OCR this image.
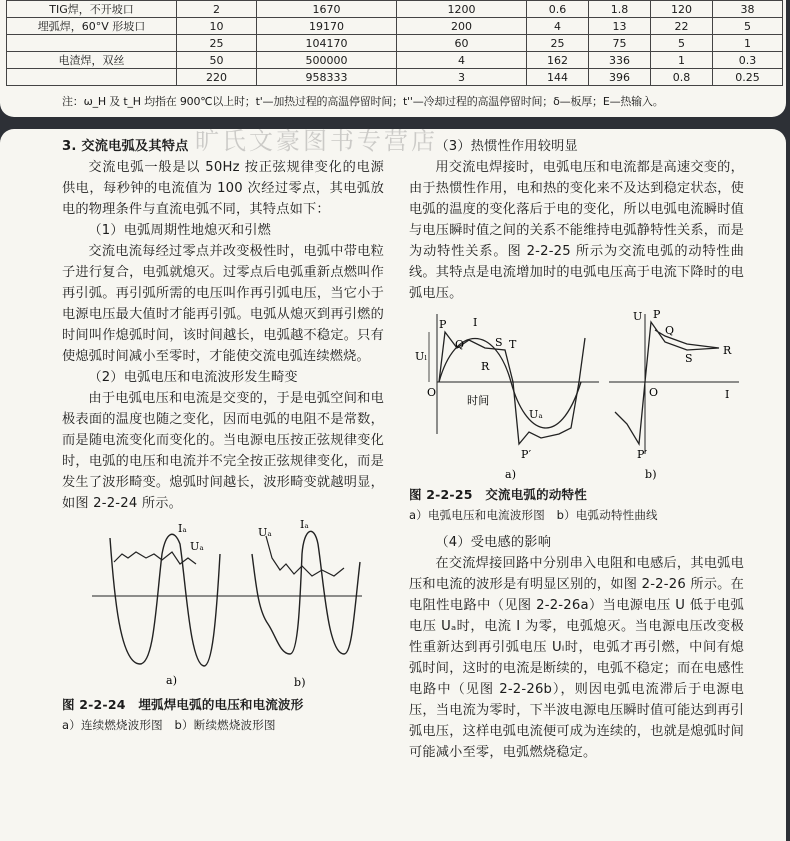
TIG焊，不开坡口	2	1670	1200	0.6	1.8	120	38
埋弧焊，60°V 形坡口	10	19170	200	4	13	22	5
	25	104170	60	25	75	5	1
电渣焊，双丝	50	500000	4	162	336	1	0.3
	220	958333	3	144	396	0.8	0.25
注：ω_H 及 t_H 均指在 900℃以上时；t'—加热过程的高温停留时间；t''—冷却过程的高温停留时间；δ—板厚；E—热输入。

3. 交流电弧及其特点

交流电弧一般是以 50Hz 按正弦规律变化的电源供电，每秒钟的电流值为 100 次经过零点，其电弧放电的物理条件与直流电弧不同，其特点如下：

（1）电弧周期性地熄灭和引燃

交流电流每经过零点并改变极性时，电弧中带电粒子进行复合，电弧就熄灭。过零点后电弧重新点燃叫作再引弧。再引弧所需的电压叫作再引弧电压，当它小于电源电压最大值时才能再引弧。电弧从熄灭到再引燃的时间叫作熄弧时间，该时间越长，电弧越不稳定。只有使熄弧时间减小至零时，才能使交流电弧连续燃烧。

（2）电弧电压和电流波形发生畸变

由于电弧电压和电流是交变的，于是电弧空间和电极表面的温度也随之变化，因而电弧的电阻不是常数，而是随电流变化而变化的。当电源电压按正弦规律变化时，电弧的电压和电流并不完全按正弦规律变化，而是发生了波形畸变。熄弧时间越长，波形畸变就越明显，如图 2-2-24 所示。

Iₐ
Uₐ
a)
Uₐ
Iₐ
b)

图 2-2-24　埋弧焊电弧的电压和电流波形

a）连续燃烧波形图　b）断续燃烧波形图

（3）热惯性作用较明显

用交流电焊接时，电弧电压和电流都是高速交变的，由于热惯性作用，电和热的变化来不及达到稳定状态，使电弧的温度的变化落后于电的变化，所以电弧电流瞬时值与电压瞬时值之间的关系不能维持电弧静特性关系，而是为动特性关系。图 2-2-25 所示为交流电弧的动特性曲线。其特点是电流增加时的电弧电压高于电流下降时的电弧电压。

P
Q
I
S T
R
O
Uₗ
Uₐ
P′
时间
a)
U P
Q
S
R
O	I
P′
b)

图 2-2-25　交流电弧的动特性

a）电弧电压和电流波形图　b）电弧动特性曲线

（4）受电感的影响

在交流焊接回路中分别串入电阻和电感后，其电弧电压和电流的波形是有明显区别的，如图 2-2-26 所示。在电阻性电路中（见图 2-2-26a）当电源电压 U 低于电弧电压 Uₐ时，电流 I 为零，电弧熄灭。当电源电压改变极性重新达到再引弧电压 Uₗ时，电弧才再引燃，中间有熄弧时间，这时的电流是断续的，电弧不稳定；而在电感性电路中（见图 2-2-26b），则因电弧电流滞后于电源电压，当电流为零时，下半波电源电压瞬时值可能达到再引弧电压，这样电弧电流便可成为连续的，也就是熄弧时间可能减小至零，电弧燃烧稳定。

旷氏文豪图书专营店
